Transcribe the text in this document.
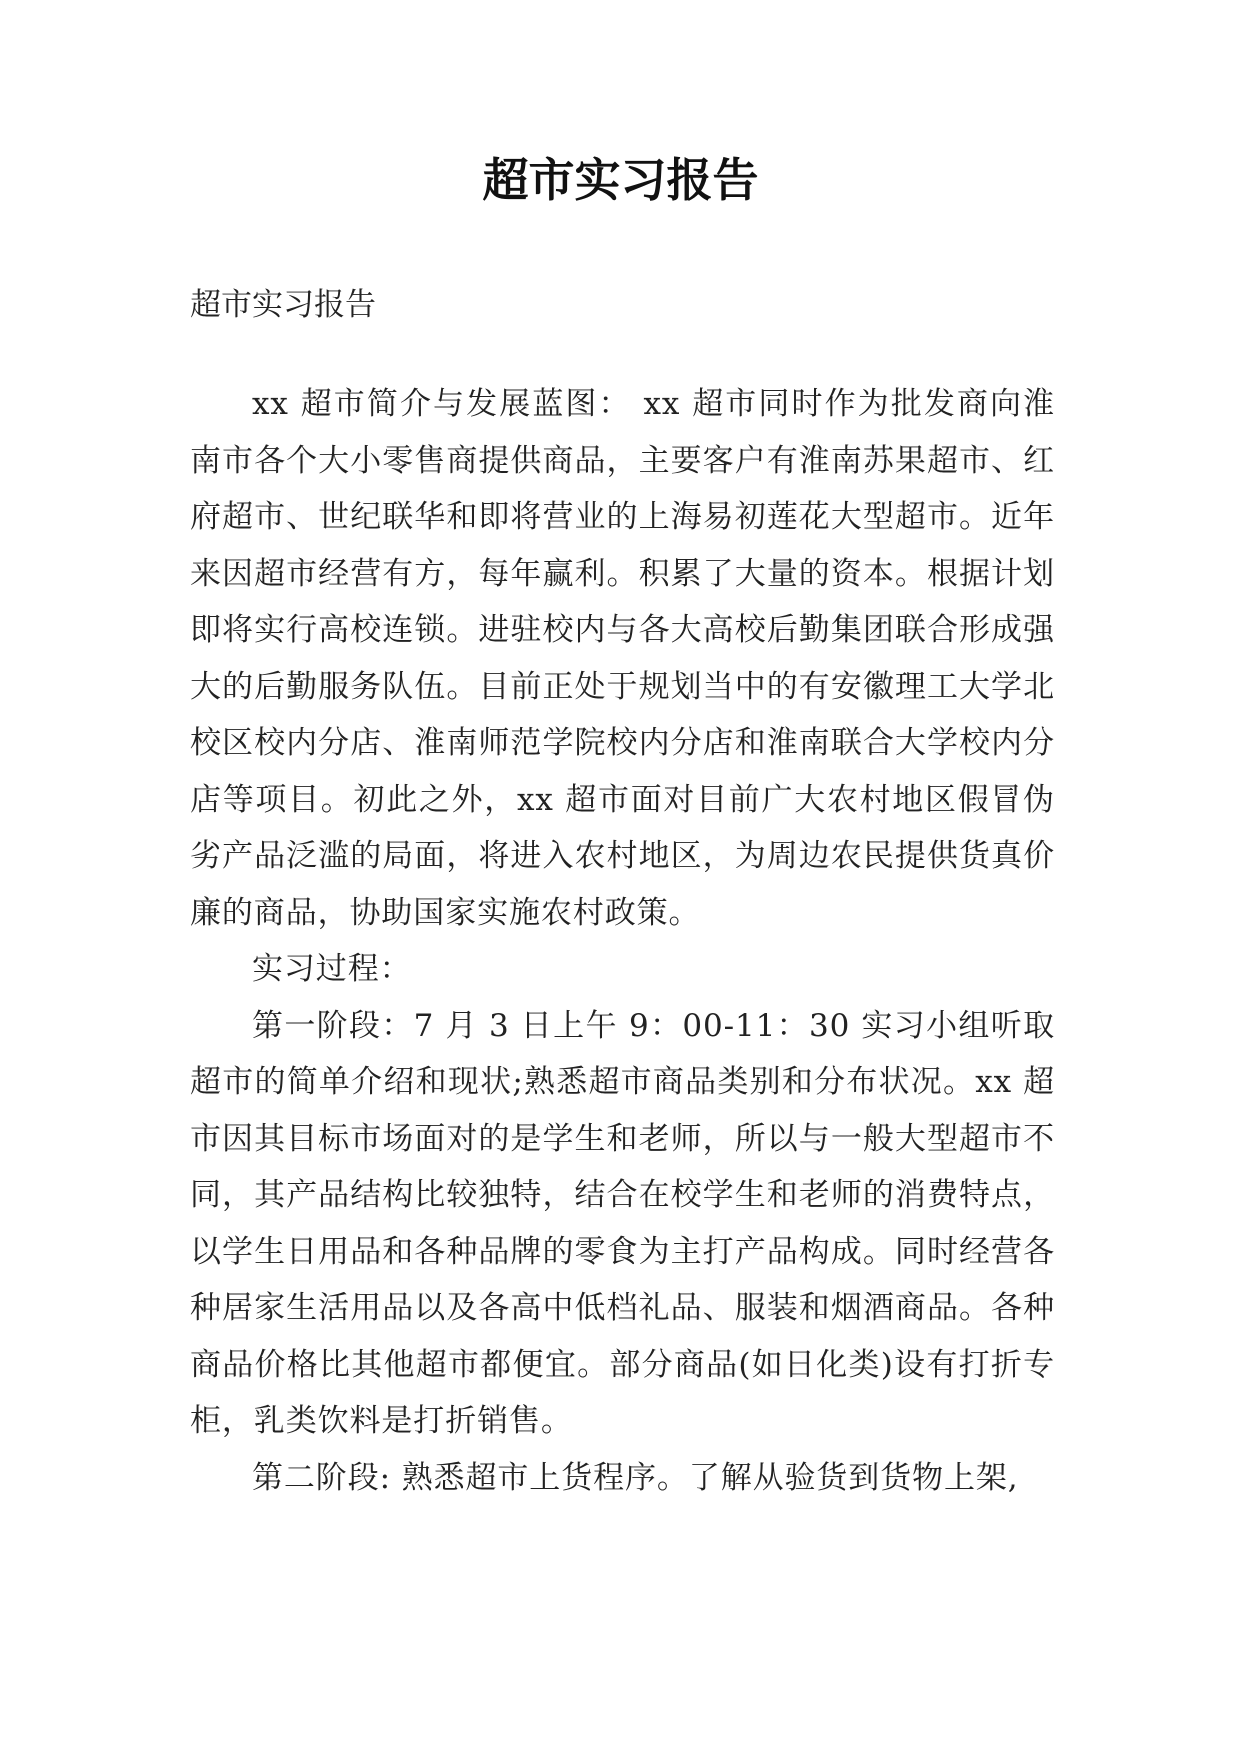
超市实习报告

超市实习报告

xx 超市简介与发展蓝图： xx 超市同时作为批发商向淮南市各个大小零售商提供商品，主要客户有淮南苏果超市、红府超市、世纪联华和即将营业的上海易初莲花大型超市。近年来因超市经营有方，每年赢利。积累了大量的资本。根据计划即将实行高校连锁。进驻校内与各大高校后勤集团联合形成强大的后勤服务队伍。目前正处于规划当中的有安徽理工大学北校区校内分店、淮南师范学院校内分店和淮南联合大学校内分店等项目。初此之外，xx 超市面对目前广大农村地区假冒伪劣产品泛滥的局面，将进入农村地区，为周边农民提供货真价廉的商品，协助国家实施农村政策。

实习过程：

第一阶段：7 月 3 日上午 9：00-11：30 实习小组听取超市的简单介绍和现状;熟悉超市商品类别和分布状况。xx 超市因其目标市场面对的是学生和老师，所以与一般大型超市不同，其产品结构比较独特，结合在校学生和老师的消费特点，以学生日用品和各种品牌的零食为主打产品构成。同时经营各种居家生活用品以及各高中低档礼品、服装和烟酒商品。各种商品价格比其他超市都便宜。部分商品(如日化类)设有打折专柜，乳类饮料是打折销售。

第二阶段: 熟悉超市上货程序。了解从验货到货物上架,
